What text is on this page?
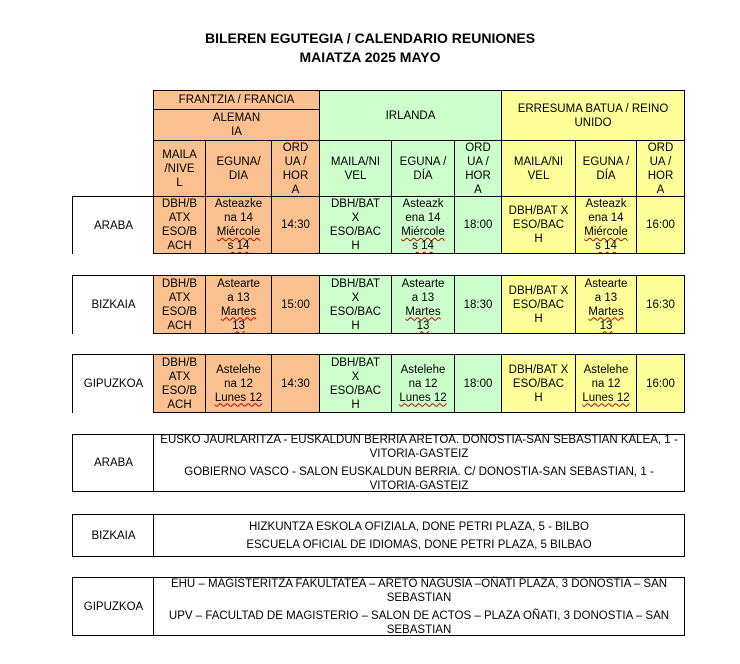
BILEREN EGUTEGIA / CALENDARIO REUNIONES
MAIATZA 2025 MAYO
FRANTZIA / FRANCIA
ALEMAN IA
IRLANDA
ERRESUMA BATUA / REINO UNIDO
MAILA /NIVE L
EGUNA/ DIA
ORD UA / HOR A
MAILA/NI VEL
EGUNA / DÍA
ORD UA / HOR A
MAILA/NI VEL
EGUNA / DÍA
ORD UA / HOR A
ARABA
DBH/B ATX ESO/B ACH
Asteazke na 14
Miércole s 14
14:30
DBH/BAT X ESO/BAC H
Asteazk ena 14
Miércole s 14
18:00
DBH/BAT X ESO/BAC H
Asteazk ena 14
Miércole s 14
16:00
BIZKAIA
DBH/B ATX ESO/B ACH
Astearte a 13
Martes 13
15:00
DBH/BAT X ESO/BAC H
Astearte a 13
Martes 13
18:30
DBH/BAT X ESO/BAC H
Astearte a 13
Martes 13
16:30
GIPUZKOA
DBH/B ATX ESO/B ACH
Astelehe na 12
Lunes 12
14:30
DBH/BAT X ESO/BAC H
Astelehe na 12
Lunes 12
18:00
DBH/BAT X ESO/BAC H
Astelehe na 12
Lunes 12
16:00
ARABA
EUSKO JAURLARITZA - EUSKALDUN BERRIA ARETOA. DONOSTIA-SAN SEBASTIAN KALEA, 1 - VITORIA-GASTEIZ
GOBIERNO VASCO - SALON EUSKALDUN BERRIA. C/ DONOSTIA-SAN SEBASTIAN, 1 - VITORIA-GASTEIZ
BIZKAIA
HIZKUNTZA ESKOLA OFIZIALA, DONE PETRI PLAZA, 5 - BILBO
ESCUELA OFICIAL DE IDIOMAS, DONE PETRI PLAZA, 5 BILBAO
GIPUZKOA
EHU – MAGISTERITZA FAKULTATEA – ARETO NAGUSIA –OÑATI PLAZA, 3 DONOSTIA – SAN SEBASTIAN
UPV – FACULTAD DE MAGISTERIO – SALON DE ACTOS – PLAZA OÑATI, 3 DONOSTIA – SAN SEBASTIAN
